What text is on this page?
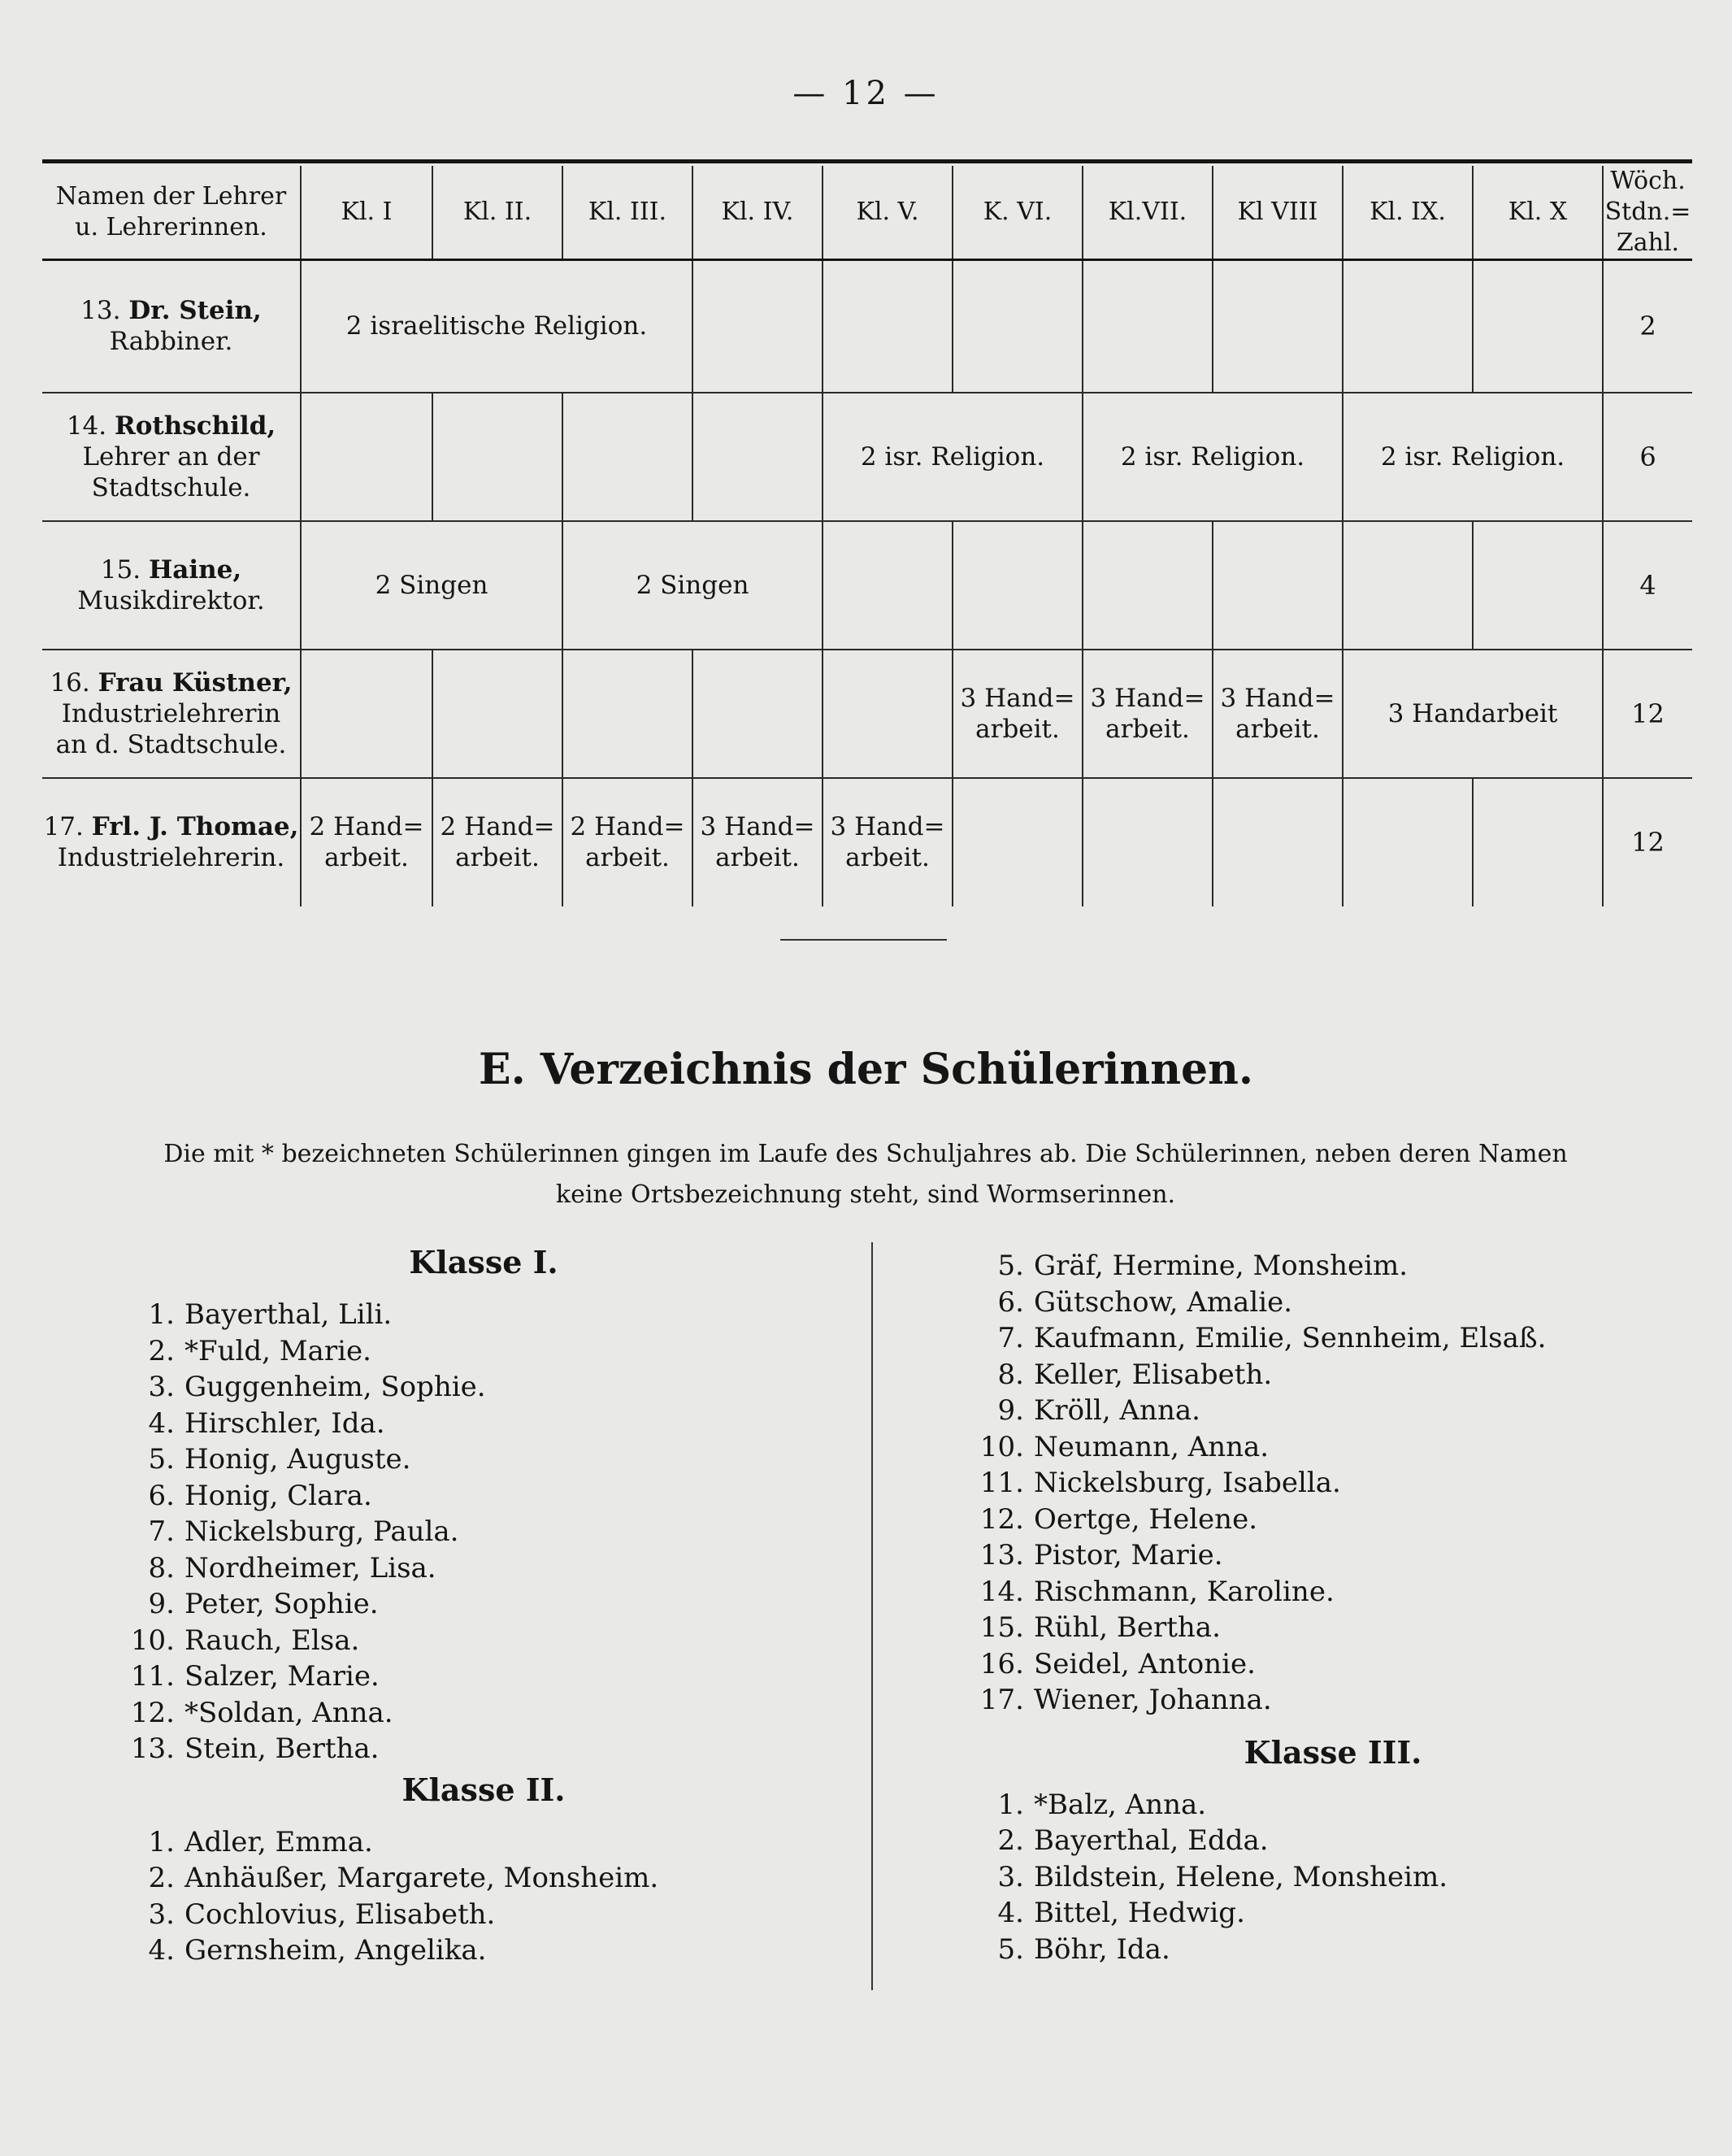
— 12 —
Namen der Lehrer u. Lehrerinnen.	Kl. I	Kl. II.	Kl. III.	Kl. IV.	Kl. V.	K. VI.	Kl.VII.	Kl VIII	Kl. IX.	Kl. X	Wöch. Stdn.= Zahl.

13. Dr. Stein,
Rabbiner.	2 israelitische Religion.										2

14. Rothschild,
Lehrer an der
Stadtschule.					2 isr. Religion.		2 isr. Religion.		2 isr. Religion.		6

15. Haine,
Musikdirektor.	2 Singen		2 Singen								4

16. Frau Küstner,
Industrielehrerin
an d. Stadtschule.						3 Hand= arbeit.	3 Hand= arbeit.	3 Hand= arbeit.	3 Handarbeit		12

17. Frl. J. Thomae,
Industrielehrerin.	2 Hand= arbeit.	2 Hand= arbeit.	2 Hand= arbeit.	3 Hand= arbeit.	3 Hand= arbeit.						12
E. Verzeichnis der Schülerinnen.
Die mit * bezeichneten Schülerinnen gingen im Laufe des Schuljahres ab. Die Schülerinnen, neben deren Namen
keine Ortsbezeichnung steht, sind Wormserinnen.
Klasse I.
1. Bayerthal, Lili.
2. *Fuld, Marie.
3. Guggenheim, Sophie.
4. Hirschler, Ida.
5. Honig, Auguste.
6. Honig, Clara.
7. Nickelsburg, Paula.
8. Nordheimer, Lisa.
9. Peter, Sophie.
10. Rauch, Elsa.
11. Salzer, Marie.
12. *Soldan, Anna.
13. Stein, Bertha.
Klasse II.
1. Adler, Emma.
2. Anhäußer, Margarete, Monsheim.
3. Cochlovius, Elisabeth.
4. Gernsheim, Angelika.
5. Gräf, Hermine, Monsheim.
6. Gütschow, Amalie.
7. Kaufmann, Emilie, Sennheim, Elsaß.
8. Keller, Elisabeth.
9. Kröll, Anna.
10. Neumann, Anna.
11. Nickelsburg, Isabella.
12. Oertge, Helene.
13. Pistor, Marie.
14. Rischmann, Karoline.
15. Rühl, Bertha.
16. Seidel, Antonie.
17. Wiener, Johanna.
Klasse III.
1. *Balz, Anna.
2. Bayerthal, Edda.
3. Bildstein, Helene, Monsheim.
4. Bittel, Hedwig.
5. Böhr, Ida.
